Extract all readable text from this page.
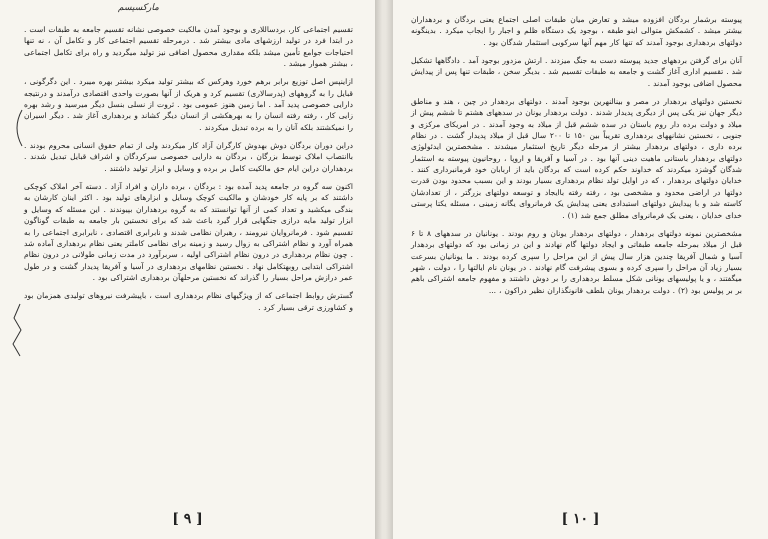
مارکسیسم

تقسیم اجتماعی کار، بردساللاری و بوجود آمدن مالکیت خصوصی نشانه تقسیم جامعه به طبقات است . در ابتدا فرد در تولید ارزشهای مادی بیشتر شد . درمرحله تقسیم اجتماعی کار و تکامل آن ، نه تنها احتیاجات جوامع تأمین میشد بلکه مقداری محصول اضافی نیز تولید میگردید و راه برای تکامل اجتماعی ، بیشتر هموار میشد .

ازاینپس اصل توزیع برابر برهم خورد وهرکس که بیشتر تولید میکرد بیشتر بهره میبرد . این دگرگونی ، قبایل را به گروههای (پدرسالاری) تقسیم کرد و هریک از آنها بصورت واحدی اقتصادی درآمدند و درنتیجه دارایی خصوصی پدید آمد . اما زمین هنوز عمومی بود . ثروت از نسلی بنسل دیگر میرسید و رشد بهره زایی کار ، رفته رفته انسان را به بهرهکشی از انسان دیگر کشاند و بردهداری آغاز شد . دیگر اسیران را نمیکشتند بلکه آنان را به برده تبدیل میکردند .

دراین دوران بردگان دوش بهدوش کارگران آزاد کار میکردند ولی از تمام حقوق انسانی محروم بودند . باانتصاب املاک توسط بزرگان ، بردگان به دارایی خصوصی سرکردگان و اشراف قبایل تبدیل شدند . بردهداران دراین ایام حق مالکیت کامل بر برده و وسایل و ابزار تولید داشتند .

اکنون سه گروه در جامعه پدید آمده بود : بردگان ، برده داران و افراد آزاد . دسته آخر املاک کوچکی داشتند که بر پایه کار خودشان و مالکیت کوچک وسایل و ابزارهای تولید بود . اکثر اینان کارشان به بندگی میکشید و تعداد کمی از آنها توانستند که به گروه بردهداران بپیوندند . این مسئله که وسایل و ابزار تولید مایه درازی جنگهایی قرار گیرد باعث شد که برای نخستین بار جامعه به طبقات گوناگون تقسیم شود . فرمانروایان نیرومند ، رهبران نظامی شدند و نابرابری اقتصادی ، نابرابری اجتماعی را به همراه آورد و نظام اشتراکی به زوال رسید و زمینه برای نظامی کاملتر یعنی نظام بردهداری آماده شد . چون نظام بردهداری در درون نظام اشتراکی اولیه ، سربرآورد در مدت زمانی طولانی در درون نظام اشتراکی ابتدایی روبهتکامل نهاد . نخستین نظامهای بردهداری در آسیا و آفریقا پدیدار گشت و در طول عمر درازش مراحل بسیار را گذراند که نخستین مرحلهآن بردهداری اشتراکی بود .

گسترش روابط اجتماعی که از ویژگیهای نظام بردهداری است ، باپیشرفت نیروهای تولیدی همزمان بود و کشاورزی ترقی بسیار کرد .

[ ۹ ]

پیوسته برشمار بردگان افزوده میشد و تعارض میان طبقات اصلی اجتماع یعنی بردگان و بردهداران بیشتر میشد . کشمکش متوالی اینو طبقه ، بوجود یک دستگاه ظلم و اجبار را ایجاب میکرد . بدینگونه دولتهای بردهداری بوجود آمدند که تنها کار مهم آنها سرکوبی استثمار شدگان بود .

آنان برای گرفتن بردههای جدید پیوسته دست به جنگ میزدند . ارتش مزدور بوجود آمد . دادگاهها تشکیل شد . تقسیم اداری آغاز گشت و جامعه به طبقات تقسیم شد . بدیگر سخن ، طبقات تنها پس از پیدایش محصول اضافی بوجود آمدند .

نخستین دولتهای بردهدار در مصر و بینالنهرین بوجود آمدند . دولتهای بردهدار در چین ، هند و مناطق دیگر جهان نیز یکی پس از دیگری پدیدار شدند . دولت بردهدار یونان در سدههای هشتم تا ششم پیش از میلاد و دولت برده دار روم باستان در سده ششم قبل از میلاد به وجود آمدند . در امریکای مرکزی و جنوبی ، نخستین نشانههای بردهداری تقریباً بین ۱۵۰ تا ۲۰۰ سال قبل از میلاد پدیدار گشت . در نظام برده داری ، دولتهای بردهدار بیشتر از مرحله دیگر تاریخ استثمار میشدند . مشخصترین ایدئولوژی دولتهای بردهدار باستانی ماهیت دینی آنها بود . در آسیا و آفریقا و اروپا ، روحانیون پیوسته به استثمار شدگان گوشزد میکردند که خداوند حکم کرده است که بردگان باید از اربابان خود فرمانبرداری کنند . خدایان دولتهای بردهدار ، که در اوایل تولد نظام بردهداری بسیار بودند و این بسبب محدود بودن قدرت دولتها در اراضی محدود و مشخصی بود ، رفته رفته باایجاد و توسعه دولتهای بزرگتر ، از تعدادشان کاسته شد و با پیدایش دولتهای استبدادی یعنی پیدایش یک فرمانروای یگانه زمینی ، مسئله یکتا پرستی خدای خدایان ، یعنی یک فرمانروای مطلق جمع شد (۱) .

مشخصترین نمونه دولتهای بردهدار ، دولتهای بردهدار یونان و روم بودند . یونانیان در سدههای ۸ تا ۶ قبل از میلاد بمرحله جامعه طبقاتی و ایجاد دولتها گام نهادند و این در زمانی بود که دولتهای بردهدار آسیا و شمال آفریقا چندین هزار سال پیش از این مراحل را سپری کرده بودند . ما یونانیان بسرعت بسیار زیاد آن مراحل را سپری کرده و بسوی پیشرفت گام نهادند . در یونان نام ایالتها را ، دولت ، شهر میگفتند ، و یا پولیسهای یونانی شکل مسلط بردهداری را بر دوش داشتند و مفهوم جامعه اشتراکی باهم بر بر پولیس بود (۲) . دولت بردهدار یونان بلطف قانونگذاران نظیر دراکون ، ...

[ ۱۰ ]
